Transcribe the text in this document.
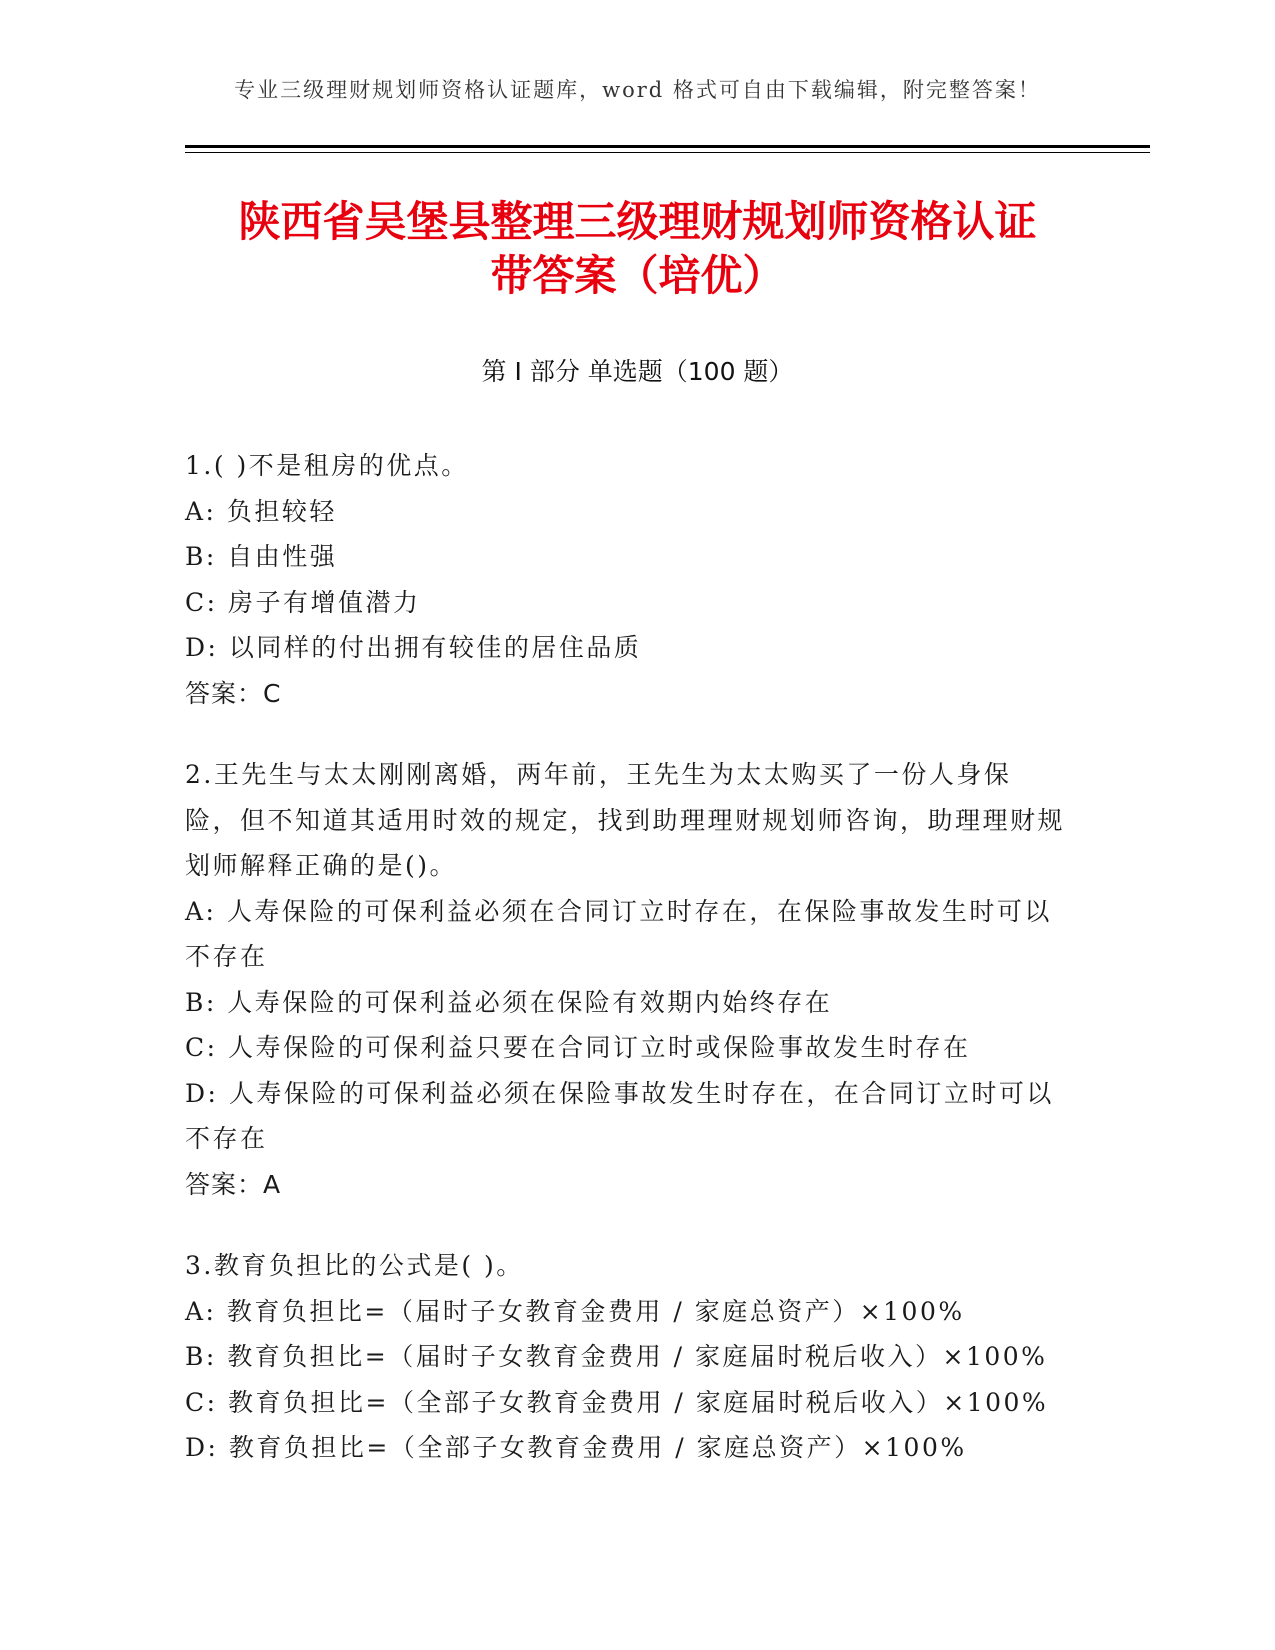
专业三级理财规划师资格认证题库，word 格式可自由下载编辑，附完整答案！
陕西省吴堡县整理三级理财规划师资格认证
带答案（培优）
第 I 部分 单选题（100 题）
1.( )不是租房的优点。
A: 负担较轻
B: 自由性强
C: 房子有增值潜力
D: 以同样的付出拥有较佳的居住品质
答案：C
2.王先生与太太刚刚离婚，两年前，王先生为太太购买了一份人身保险，但不知道其适用时效的规定，找到助理理财规划师咨询，助理理财规划师解释正确的是()。
A: 人寿保险的可保利益必须在合同订立时存在，在保险事故发生时可以不存在
B: 人寿保险的可保利益必须在保险有效期内始终存在
C: 人寿保险的可保利益只要在合同订立时或保险事故发生时存在
D: 人寿保险的可保利益必须在保险事故发生时存在，在合同订立时可以不存在
答案：A
3.教育负担比的公式是( )。
A: 教育负担比=（届时子女教育金费用 / 家庭总资产）×100%
B: 教育负担比=（届时子女教育金费用 / 家庭届时税后收入）×100%
C: 教育负担比=（全部子女教育金费用 / 家庭届时税后收入）×100%
D: 教育负担比=（全部子女教育金费用 / 家庭总资产）×100%
